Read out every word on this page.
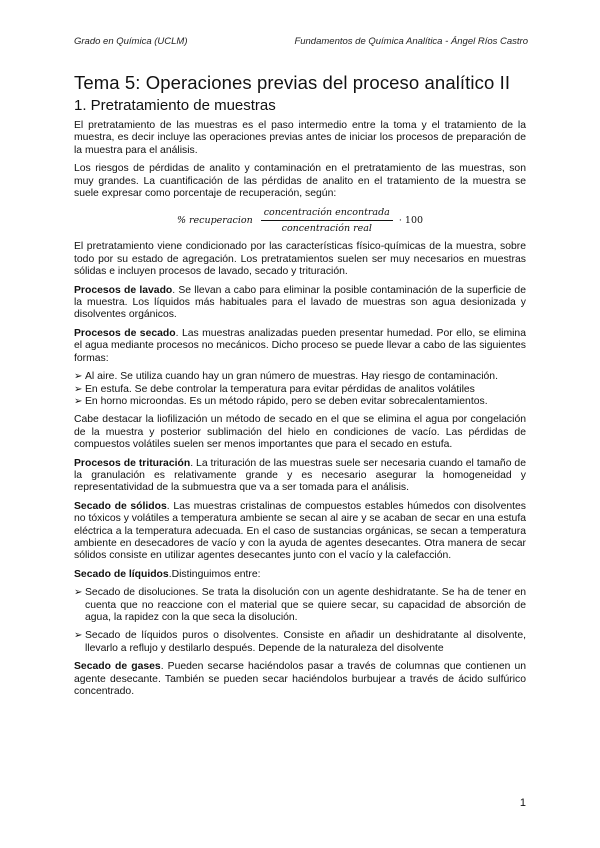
Grado en Química (UCLM)	Fundamentos de Química Analítica - Ángel Ríos Castro
Tema 5: Operaciones previas del proceso analítico II
1. Pretratamiento de muestras

El pretratamiento de las muestras es el paso intermedio entre la toma y el tratamiento de la muestra, es decir incluye las operaciones previas antes de iniciar los procesos de preparación de la muestra para el análisis.

Los riesgos de pérdidas de analito y contaminación en el pretratamiento de las muestras, son muy grandes. La cuantificación de las pérdidas de analito en el tratamiento de la muestra se suele expresar como porcentaje de recuperación, según:

% recuperacion $\frac{\text{concentración encontrada}}{\text{concentración real}} \cdot 100$

El pretratamiento viene condicionado por las características físico-químicas de la muestra, sobre todo por su estado de agregación. Los pretratamientos suelen ser muy necesarios en muestras sólidas e incluyen procesos de lavado, secado y trituración.

Procesos de lavado. Se llevan a cabo para eliminar la posible contaminación de la superficie de la muestra. Los líquidos más habituales para el lavado de muestras son agua desionizada y disolventes orgánicos.

Procesos de secado. Las muestras analizadas pueden presentar humedad. Por ello, se elimina el agua mediante procesos no mecánicos. Dicho proceso se puede llevar a cabo de las siguientes formas:

➢ Al aire. Se utiliza cuando hay un gran número de muestras. Hay riesgo de contaminación.
➢ En estufa. Se debe controlar la temperatura para evitar pérdidas de analitos volátiles
➢ En horno microondas. Es un método rápido, pero se deben evitar sobrecalentamientos.

Cabe destacar la liofilización un método de secado en el que se elimina el agua por congelación de la muestra y posterior sublimación del hielo en condiciones de vacío. Las pérdidas de compuestos volátiles suelen ser menos importantes que para el secado en estufa.

Procesos de trituración. La trituración de las muestras suele ser necesaria cuando el tamaño de la granulación es relativamente grande y es necesario asegurar la homogeneidad y representatividad de la submuestra que va a ser tomada para el análisis.

Secado de sólidos. Las muestras cristalinas de compuestos estables húmedos con disolventes no tóxicos y volátiles a temperatura ambiente se secan al aire y se acaban de secar en una estufa eléctrica a la temperatura adecuada. En el caso de sustancias orgánicas, se secan a temperatura ambiente en desecadores de vacío y con la ayuda de agentes desecantes. Otra manera de secar sólidos consiste en utilizar agentes desecantes junto con el vacío y la calefacción.

Secado de líquidos.Distinguimos entre:

➢ Secado de disoluciones. Se trata la disolución con un agente deshidratante. Se ha de tener en cuenta que no reaccione con el material que se quiere secar, su capacidad de absorción de agua, la rapidez con la que seca la disolución.
➢ Secado de líquidos puros o disolventes. Consiste en añadir un deshidratante al disolvente, llevarlo a reflujo y destilarlo después. Depende de la naturaleza del disolvente

Secado de gases. Pueden secarse haciéndolos pasar a través de columnas que contienen un agente desecante. También se pueden secar haciéndolos burbujear a través de ácido sulfúrico concentrado.

1
